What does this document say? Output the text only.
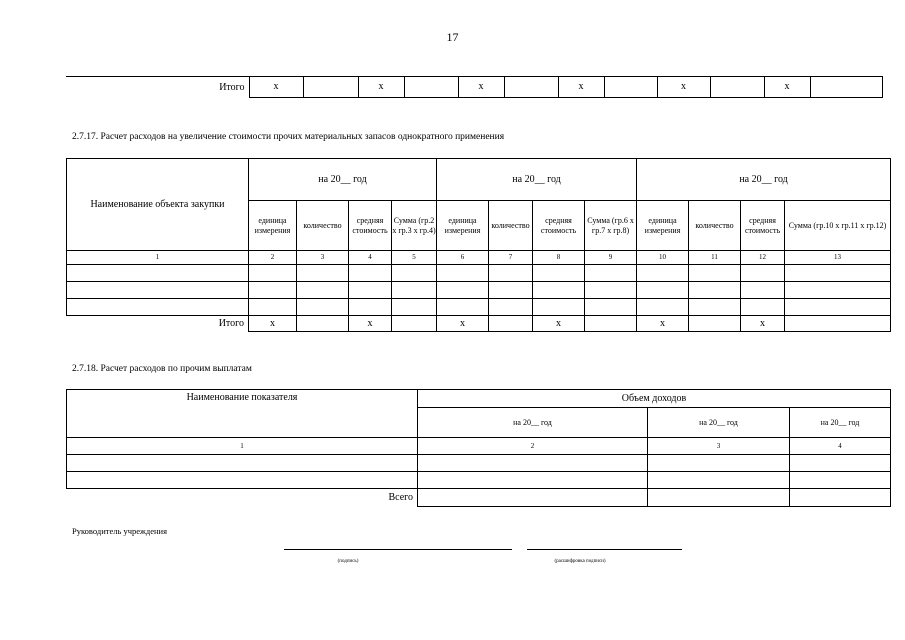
17
Итого	х		х		х		х		х		х	
2.7.17. Расчет расходов на увеличение стоимости прочих материальных запасов однократного применения
Наименование объекта закупки	на 20__ год				на 20__ год				на 20__ год			
	единица измерения	количество	средняя стоимость	Сумма (гр.2 х гр.3 х гр.4)	единица измерения	количество	средняя стоимость	Сумма (гр.6 х гр.7 х гр.8)	единица измерения	количество	средняя стоимость	Сумма (гр.10 х гр.11 х гр.12)
1	2	3	4	5	6	7	8	9	10	11	12	13

Итого	х		х		х		х		х		х	
2.7.18. Расчет расходов по прочим выплатам
Наименование показателя	Объем доходов		
	на 20__ год	на 20__ год	на 20__ год
1	2	3	4

Всего			
Руководитель учреждения
(подпись)	(расшифровка подписи)
